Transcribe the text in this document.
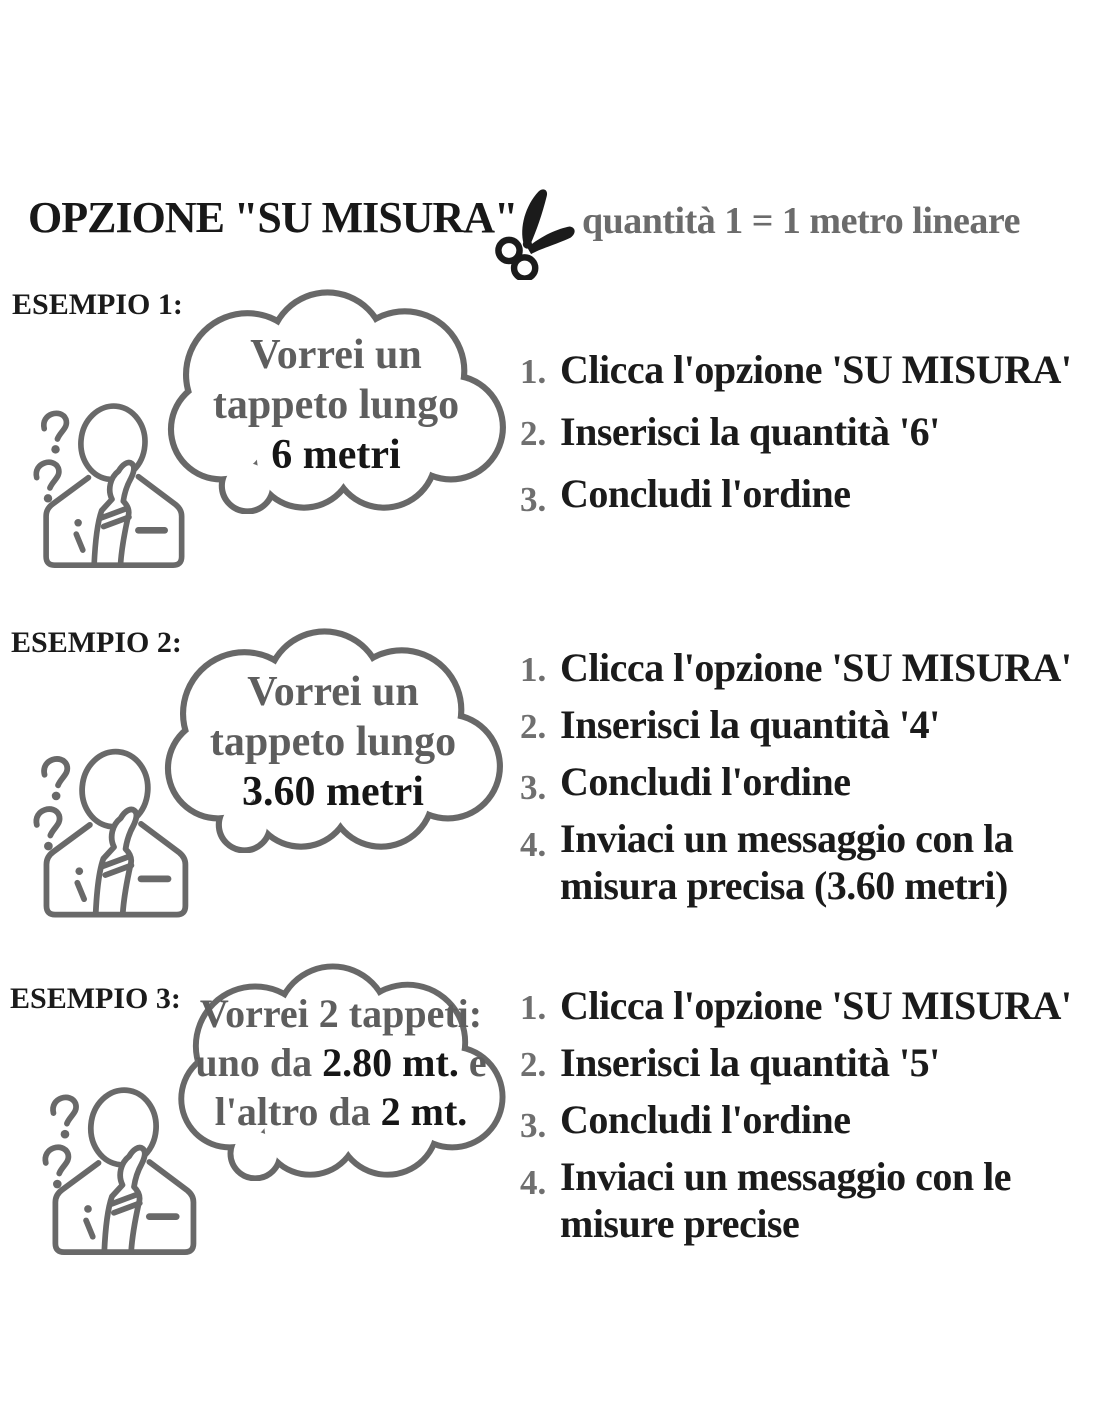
OPZIONE "SU MISURA" quantità 1 = 1 metro lineare
ESEMPIO 1:
Vorrei un
tappeto lungo
6 metri
1. Clicca l'opzione 'SU MISURA'
2. Inserisci la quantità '6'
3. Concludi l'ordine
ESEMPIO 2:
Vorrei un
tappeto lungo
3.60 metri
1. Clicca l'opzione 'SU MISURA'
2. Inserisci la quantità '4'
3. Concludi l'ordine
4. Inviaci un messaggio con la misura precisa (3.60 metri)
ESEMPIO 3: Vorrei 2 tappeti:
uno da 2.80 mt. e
l'altro da 2 mt.
1. Clicca l'opzione 'SU MISURA'
2. Inserisci la quantità '5'
3. Concludi l'ordine
4. Inviaci un messaggio con le misure precise
